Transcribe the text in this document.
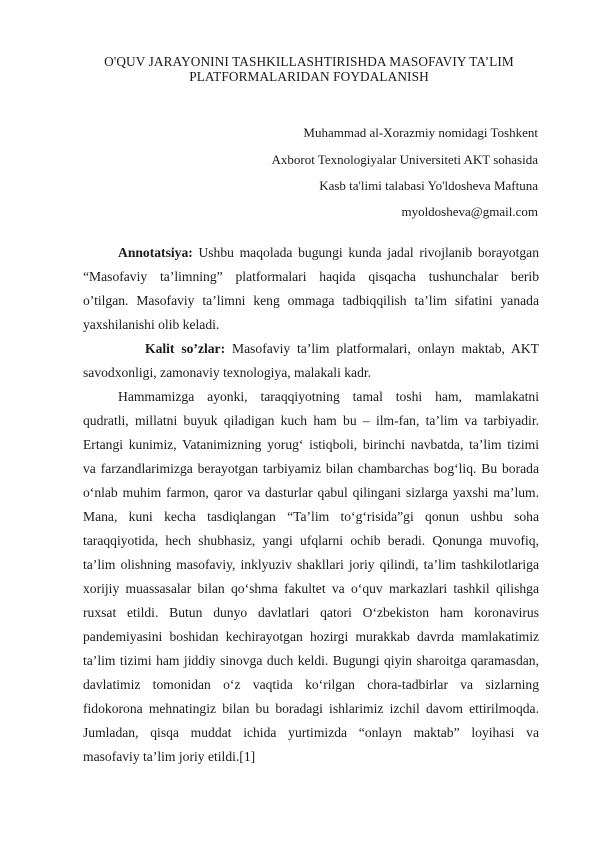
O'QUV JARAYONINI TASHKILLASHTIRISHDA MASOFAVIY TA’LIM
PLATFORMALARIDAN FOYDALANISH
Muhammad al-Xorazmiy nomidagi Toshkent
Axborot Texnologiyalar Universiteti AKT sohasida
Kasb ta'limi talabasi Yo'ldosheva Maftuna
myoldosheva@gmail.com
Annotatsiya: Ushbu maqolada bugungi kunda jadal rivojlanib borayotgan
“Masofaviy ta’limning” platformalari haqida qisqacha tushunchalar berib
o’tilgan. Masofaviy ta’limni keng ommaga tadbiqqilish ta’lim sifatini yanada
yaxshilanishi olib keladi.
Kalit so’zlar: Masofaviy ta’lim platformalari, onlayn maktab, AKT
savodxonligi, zamonaviy texnologiya, malakali kadr.
Hammamizga ayonki, taraqqiyotning tamal toshi ham, mamlakatni
qudratli, millatni buyuk qiladigan kuch ham bu – ilm-fan, ta’lim va tarbiyadir.
Ertangi kunimiz, Vatanimizning yorug‘ istiqboli, birinchi navbatda, ta’lim tizimi
va farzandlarimizga berayotgan tarbiyamiz bilan chambarchas bog‘liq. Bu borada
o‘nlab muhim farmon, qaror va dasturlar qabul qilingani sizlarga yaxshi ma’lum.
Mana, kuni kecha tasdiqlangan “Ta’lim to‘g‘risida”gi qonun ushbu soha
taraqqiyotida, hech shubhasiz, yangi ufqlarni ochib beradi. Qonunga muvofiq,
ta’lim olishning masofaviy, inklyuziv shakllari joriy qilindi, ta’lim tashkilotlariga
xorijiy muassasalar bilan qo‘shma fakultet va o‘quv markazlari tashkil qilishga
ruxsat etildi. Butun dunyo davlatlari qatori O‘zbekiston ham koronavirus
pandemiyasini boshidan kechirayotgan hozirgi murakkab davrda mamlakatimiz
ta’lim tizimi ham jiddiy sinovga duch keldi. Bugungi qiyin sharoitga qaramasdan,
davlatimiz tomonidan o‘z vaqtida ko‘rilgan chora-tadbirlar va sizlarning
fidokorona mehnatingiz bilan bu boradagi ishlarimiz izchil davom ettirilmoqda.
Jumladan, qisqa muddat ichida yurtimizda “onlayn maktab” loyihasi va
masofaviy ta’lim joriy etildi.[1]
